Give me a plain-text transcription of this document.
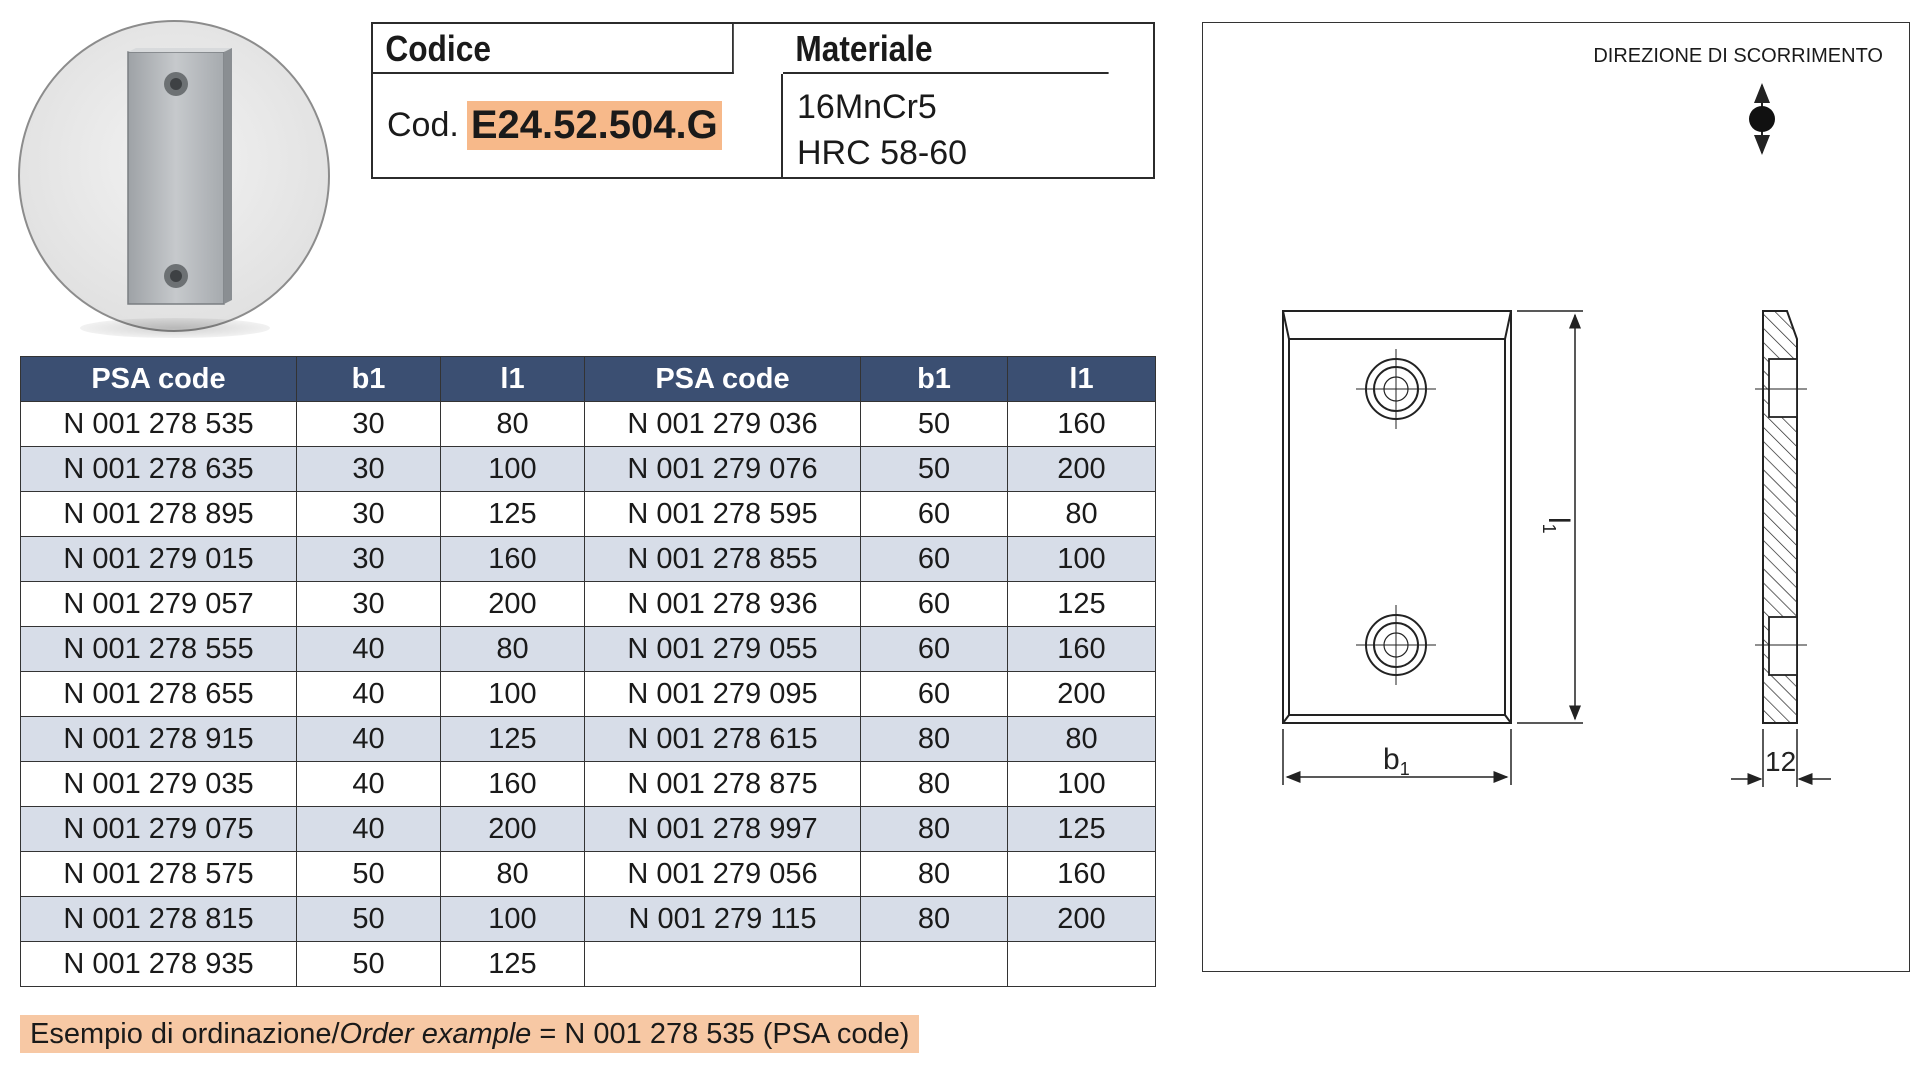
Codice	Materiale
Cod. E24.52.504.G 16MnCr5
HRC 58-60
PSA code	b1	l1	PSA code	b1	l1
N 001 278 535	30	80	N 001 279 036	50	160
N 001 278 635	30	100	N 001 279 076	50	200
N 001 278 895	30	125	N 001 278 595	60	80
N 001 279 015	30	160	N 001 278 855	60	100
N 001 279 057	30	200	N 001 278 936	60	125
N 001 278 555	40	80	N 001 279 055	60	160
N 001 278 655	40	100	N 001 279 095	60	200
N 001 278 915	40	125	N 001 278 615	80	80
N 001 279 035	40	160	N 001 278 875	80	100
N 001 279 075	40	200	N 001 278 997	80	125
N 001 278 575	50	80	N 001 279 056	80	160
N 001 278 815	50	100	N 001 279 115	80	200
N 001 278 935	50	125			
Esempio di ordinazione/Order example = N 001 278 535 (PSA code)
DIREZIONE DI SCORRIMENTO
$l_1$
$b_1$	12
